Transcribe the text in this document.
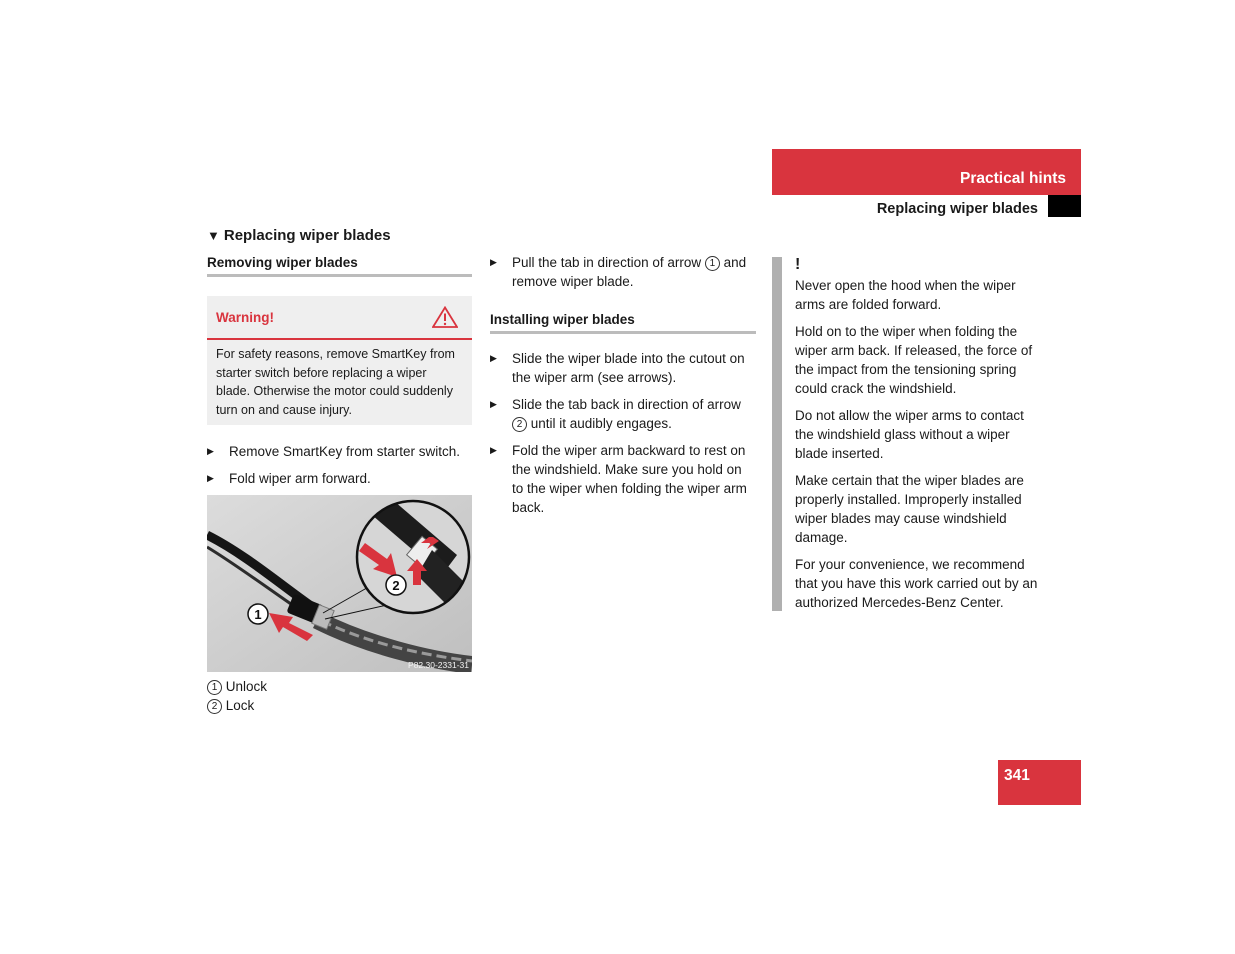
Practical hints
Replacing wiper blades
▼ Replacing wiper blades
Removing wiper blades
Warning!
For safety reasons, remove SmartKey from starter switch before replacing a wiper blade. Otherwise the motor could suddenly turn on and cause injury.
▶ Remove SmartKey from starter switch.
▶ Fold wiper arm forward.
2
1
P82.30-2331-31
1 Unlock
2 Lock
▶ Pull the tab in direction of arrow 1 and remove wiper blade.
Installing wiper blades
▶ Slide the wiper blade into the cutout on the wiper arm (see arrows).
▶ Slide the tab back in direction of arrow 2 until it audibly engages.
▶ Fold the wiper arm backward to rest on the windshield. Make sure you hold on to the wiper when folding the wiper arm back.
!

Never open the hood when the wiper arms are folded forward.

Hold on to the wiper when folding the wiper arm back. If released, the force of the impact from the tensioning spring could crack the windshield.

Do not allow the wiper arms to contact the windshield glass without a wiper blade inserted.

Make certain that the wiper blades are properly installed. Improperly installed wiper blades may cause windshield damage.

For your convenience, we recommend that you have this work carried out by an authorized Mercedes-Benz Center.

341
